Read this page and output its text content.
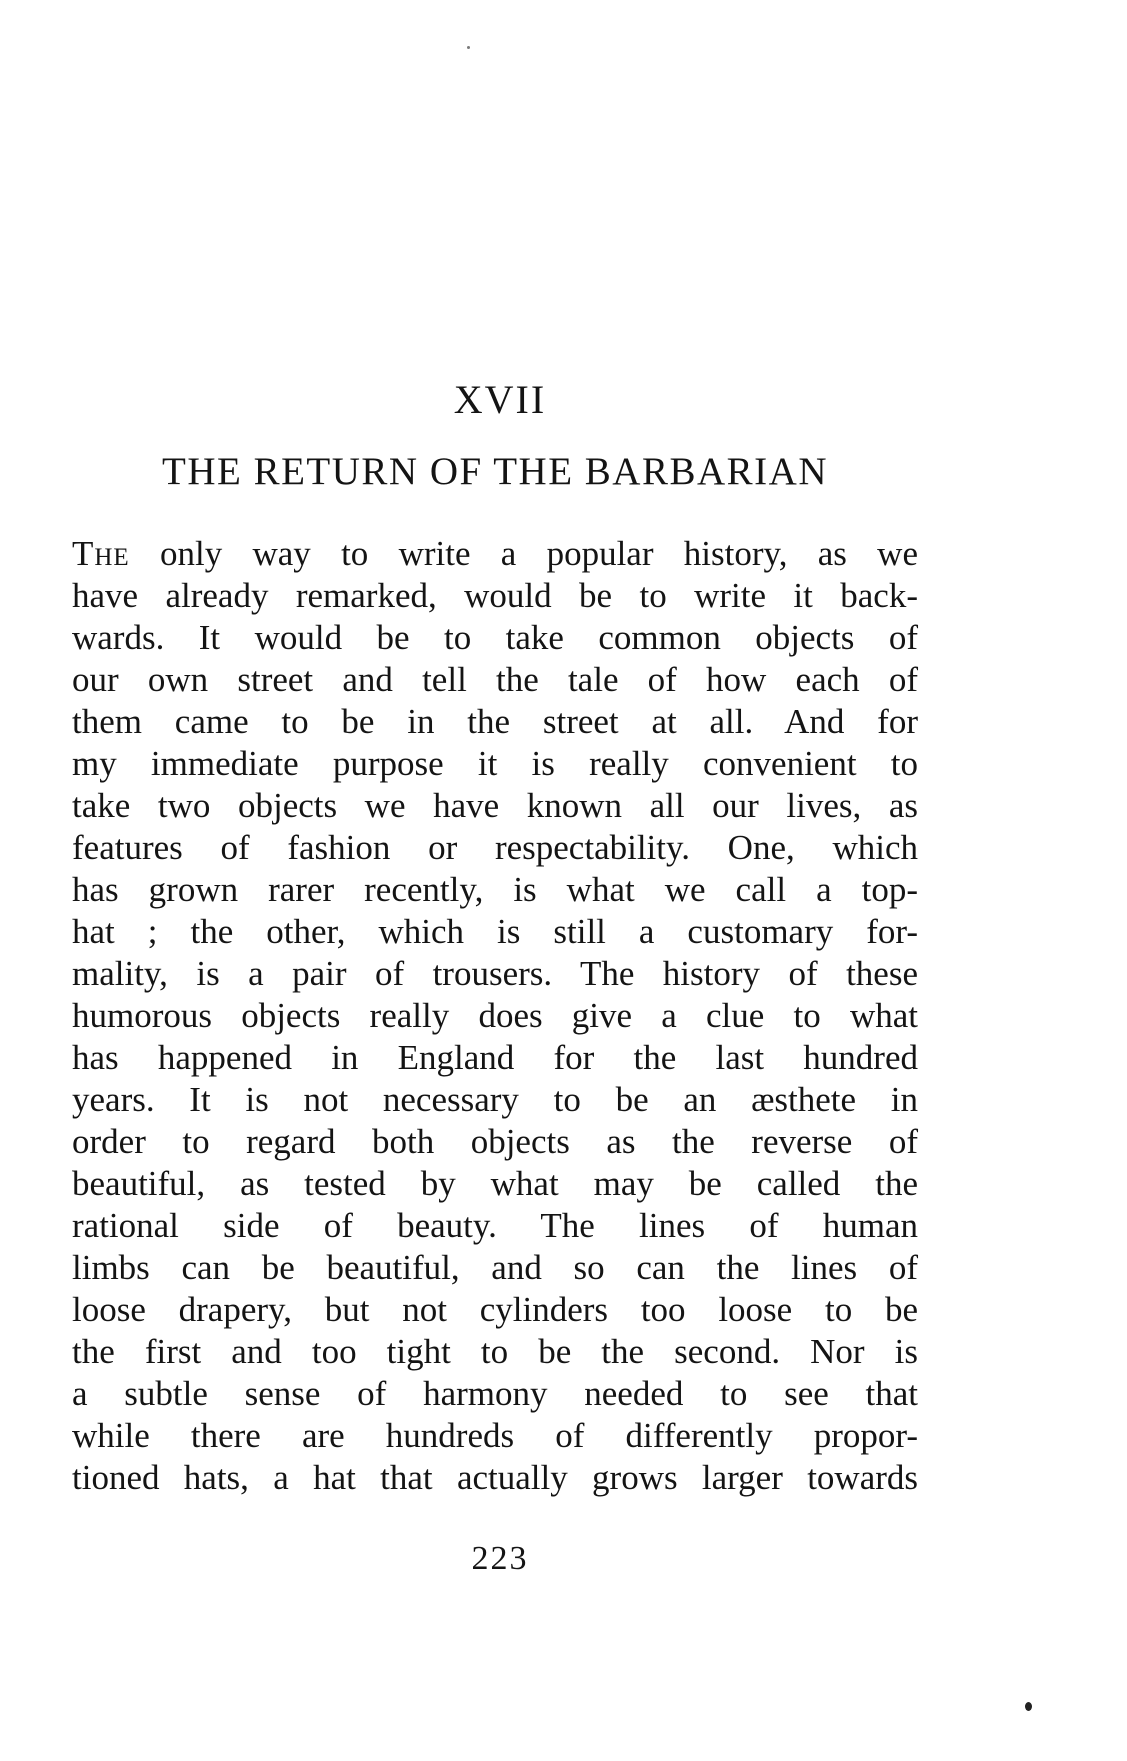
XVII
THE RETURN OF THE BARBARIAN
The only way to write a popular history, as we
have already remarked, would be to write it back-
wards. It would be to take common objects of
our own street and tell the tale of how each of
them came to be in the street at all. And for
my immediate purpose it is really convenient to
take two objects we have known all our lives, as
features of fashion or respectability. One, which
has grown rarer recently, is what we call a top-
hat ; the other, which is still a customary for-
mality, is a pair of trousers. The history of these
humorous objects really does give a clue to what
has happened in England for the last hundred
years. It is not necessary to be an æsthete in
order to regard both objects as the reverse of
beautiful, as tested by what may be called the
rational side of beauty. The lines of human
limbs can be beautiful, and so can the lines of
loose drapery, but not cylinders too loose to be
the first and too tight to be the second. Nor is
a subtle sense of harmony needed to see that
while there are hundreds of differently propor-
tioned hats, a hat that actually grows larger towards
223
